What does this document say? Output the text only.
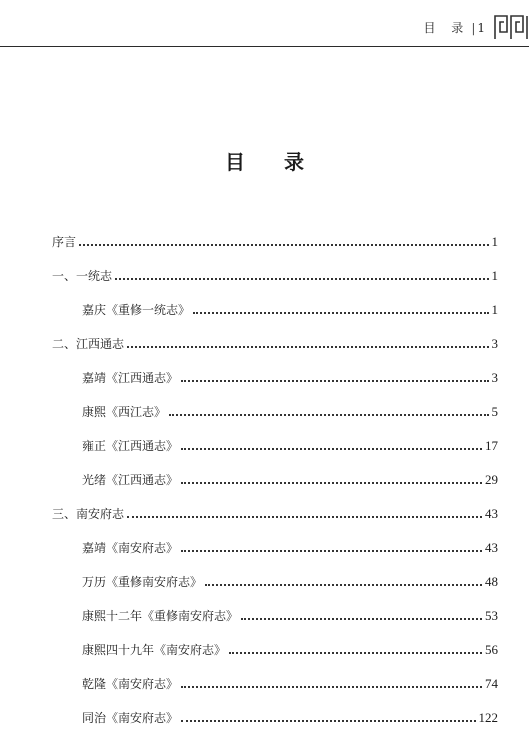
目 录 | 1
目 录
序言	1
一、一统志	1
嘉庆《重修一统志》	1
二、江西通志	3
嘉靖《江西通志》	3
康熙《西江志》	5
雍正《江西通志》	17
光绪《江西通志》	29
三、南安府志	43
嘉靖《南安府志》	43
万历《重修南安府志》	48
康熙十二年《重修南安府志》	53
康熙四十九年《南安府志》	56
乾隆《南安府志》	74
同治《南安府志》	122
